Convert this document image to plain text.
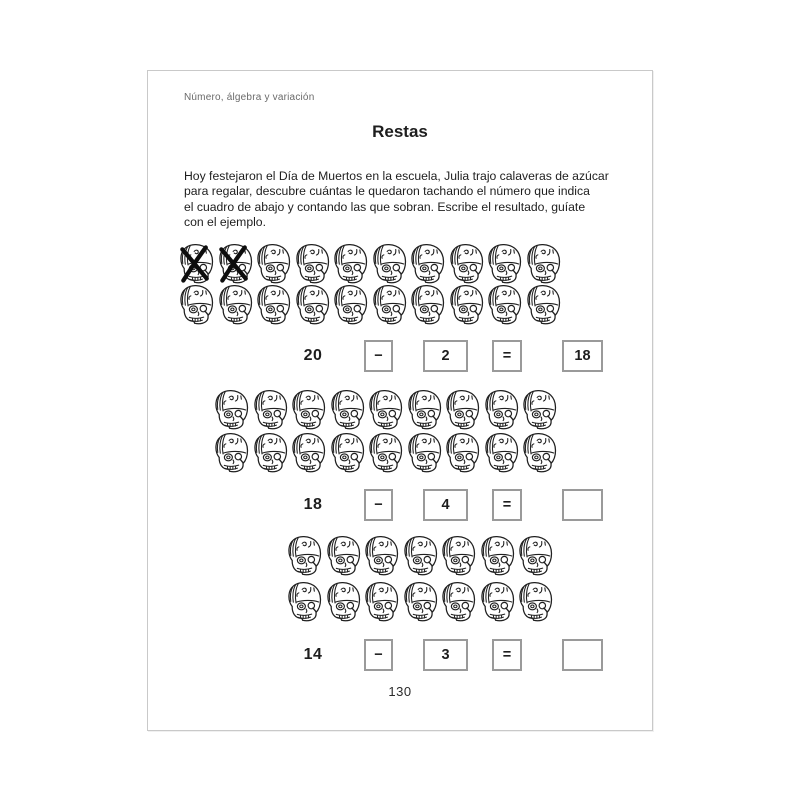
Número, álgebra y variación
Restas
Hoy festejaron el Día de Muertos en la escuela, Julia trajo calaveras de azúcar
para regalar, descubre cuántas le quedaron tachando el número que indica
el cuadro de abajo y contando las que sobran. Escribe el resultado, guíate
con el ejemplo.
20	−	2	=	18
18	−	4	=
14	−	3	=
130
